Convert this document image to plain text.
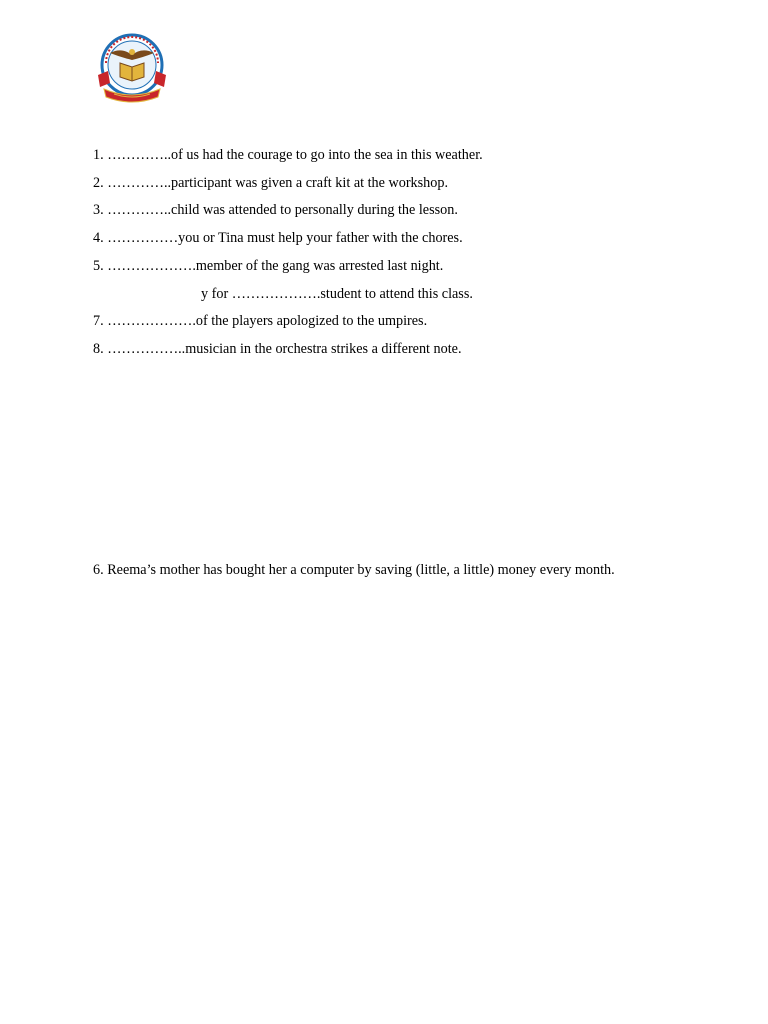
1. …………..of us had the courage to go into the sea in this weather.
2. …………..participant was given a craft kit at the workshop.
3. …………..child was attended to personally during the lesson.
4. ……………you or Tina must help your father with the chores.
5. ……………….member of the gang was arrested last night.
y for ……………….student to attend this class.
7. ……………….of the players apologized to the umpires.
8. ……………..musician in the orchestra strikes a different note.
6. Reema’s mother has bought her a computer by saving (little, a little) money every month.
